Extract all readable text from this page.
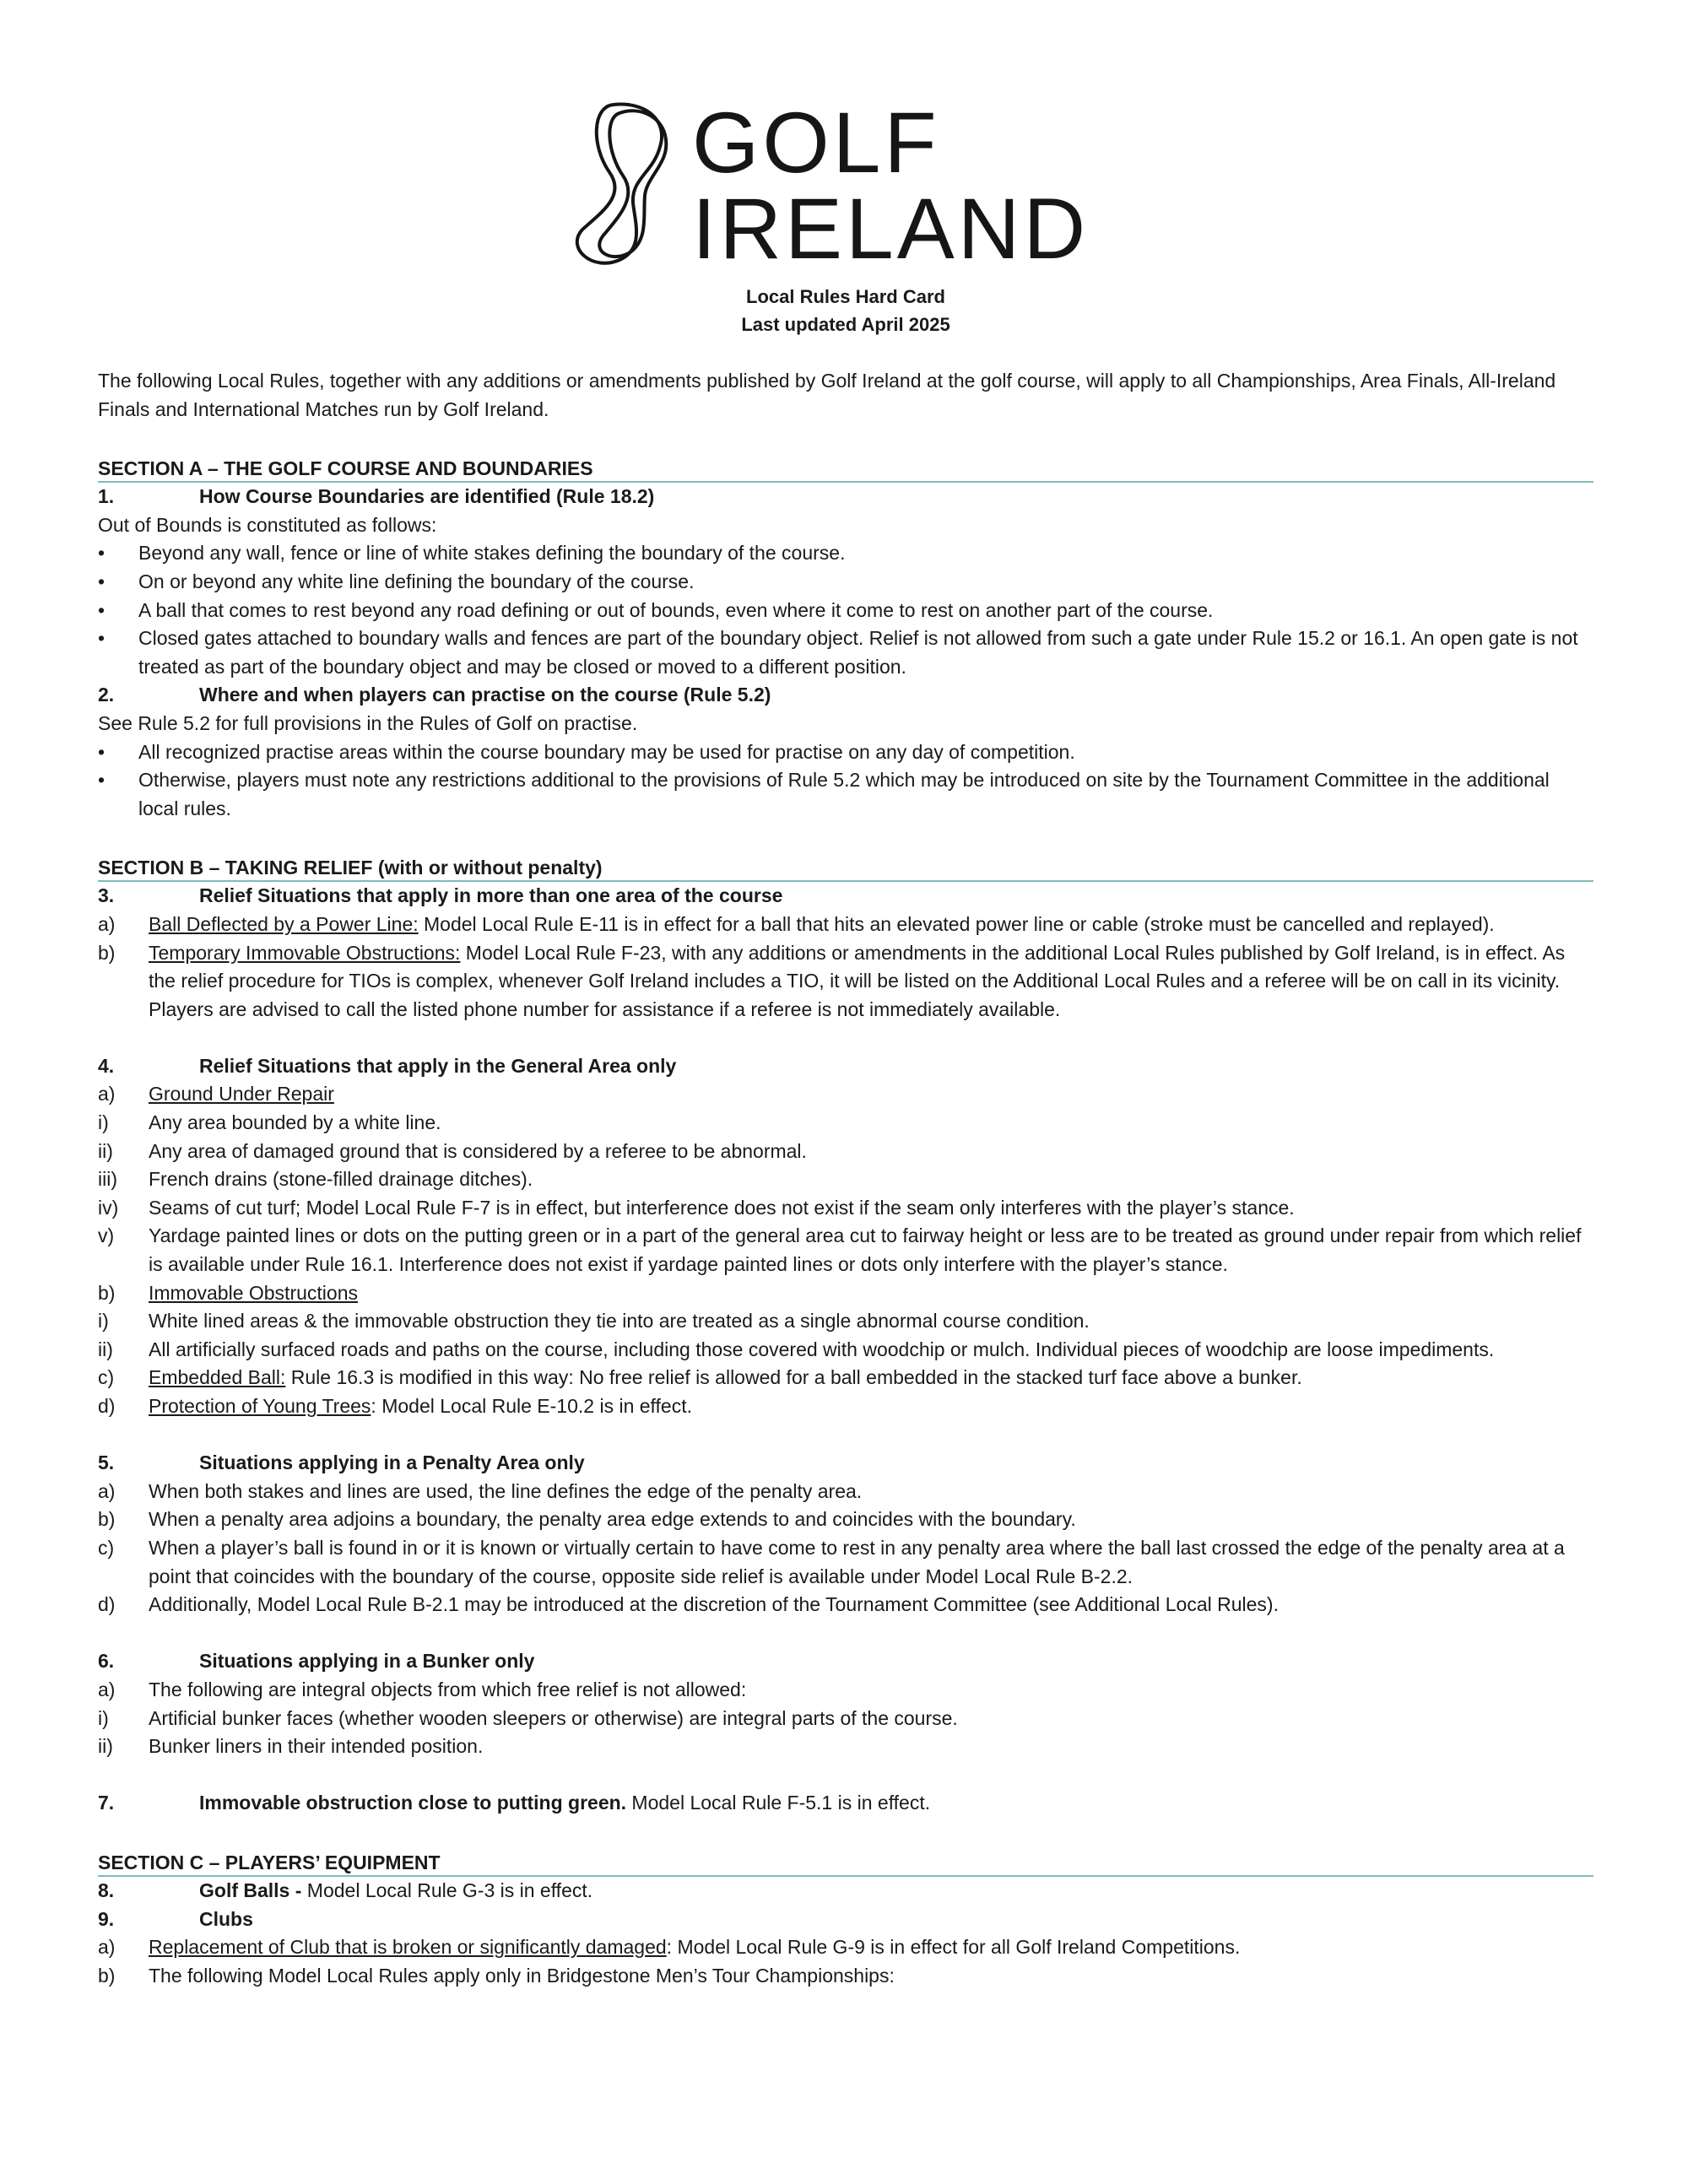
GOLF
IRELAND
Local Rules Hard Card
Last updated April 2025

The following Local Rules, together with any additions or amendments published by Golf Ireland at the golf course, will apply to all Championships, Area Finals, All-Ireland Finals and International Matches run by Golf Ireland.

SECTION A – THE GOLF COURSE AND BOUNDARIES
1.	How Course Boundaries are identified (Rule 18.2)

Out of Bounds is constituted as follows:

•	Beyond any wall, fence or line of white stakes defining the boundary of the course.
•	On or beyond any white line defining the boundary of the course.
•	A ball that comes to rest beyond any road defining or out of bounds, even where it come to rest on another part of the course.
•	Closed gates attached to boundary walls and fences are part of the boundary object. Relief is not allowed from such a gate under Rule 15.2 or 16.1. An open gate is not treated as part of the boundary object and may be closed or moved to a different position.
2.	Where and when players can practise on the course (Rule 5.2)

See Rule 5.2 for full provisions in the Rules of Golf on practise.

•	All recognized practise areas within the course boundary may be used for practise on any day of competition.
•	Otherwise, players must note any restrictions additional to the provisions of Rule 5.2 which may be introduced on site by the Tournament Committee in the additional local rules.
SECTION B – TAKING RELIEF (with or without penalty)
3.	Relief Situations that apply in more than one area of the course
a)	Ball Deflected by a Power Line: Model Local Rule E-11 is in effect for a ball that hits an elevated power line or cable (stroke must be cancelled and replayed).
b)	Temporary Immovable Obstructions: Model Local Rule F-23, with any additions or amendments in the additional Local Rules published by Golf Ireland, is in effect. As the relief procedure for TIOs is complex, whenever Golf Ireland includes a TIO, it will be listed on the Additional Local Rules and a referee will be on call in its vicinity. Players are advised to call the listed phone number for assistance if a referee is not immediately available.
4.	Relief Situations that apply in the General Area only
a)	Ground Under Repair
i)	Any area bounded by a white line.
ii)	Any area of damaged ground that is considered by a referee to be abnormal.
iii)	French drains (stone-filled drainage ditches).
iv)	Seams of cut turf; Model Local Rule F-7 is in effect, but interference does not exist if the seam only interferes with the player’s stance.
v)	Yardage painted lines or dots on the putting green or in a part of the general area cut to fairway height or less are to be treated as ground under repair from which relief is available under Rule 16.1. Interference does not exist if yardage painted lines or dots only interfere with the player’s stance.
b)	Immovable Obstructions
i)	White lined areas & the immovable obstruction they tie into are treated as a single abnormal course condition.
ii)	All artificially surfaced roads and paths on the course, including those covered with woodchip or mulch. Individual pieces of woodchip are loose impediments.
c)	Embedded Ball: Rule 16.3 is modified in this way: No free relief is allowed for a ball embedded in the stacked turf face above a bunker.
d)	Protection of Young Trees: Model Local Rule E-10.2 is in effect.
5.	Situations applying in a Penalty Area only
a)	When both stakes and lines are used, the line defines the edge of the penalty area.
b)	When a penalty area adjoins a boundary, the penalty area edge extends to and coincides with the boundary.
c)	When a player’s ball is found in or it is known or virtually certain to have come to rest in any penalty area where the ball last crossed the edge of the penalty area at a point that coincides with the boundary of the course, opposite side relief is available under Model Local Rule B-2.2.
d)	Additionally, Model Local Rule B-2.1 may be introduced at the discretion of the Tournament Committee (see Additional Local Rules).
6.	Situations applying in a Bunker only
a)	The following are integral objects from which free relief is not allowed:
i)	Artificial bunker faces (whether wooden sleepers or otherwise) are integral parts of the course.
ii)	Bunker liners in their intended position.
7.	Immovable obstruction close to putting green. Model Local Rule F-5.1 is in effect.
SECTION C – PLAYERS’ EQUIPMENT
8.	Golf Balls - Model Local Rule G-3 is in effect.
9.	Clubs
a)	Replacement of Club that is broken or significantly damaged: Model Local Rule G-9 is in effect for all Golf Ireland Competitions.
b)	The following Model Local Rules apply only in Bridgestone Men’s Tour Championships:
